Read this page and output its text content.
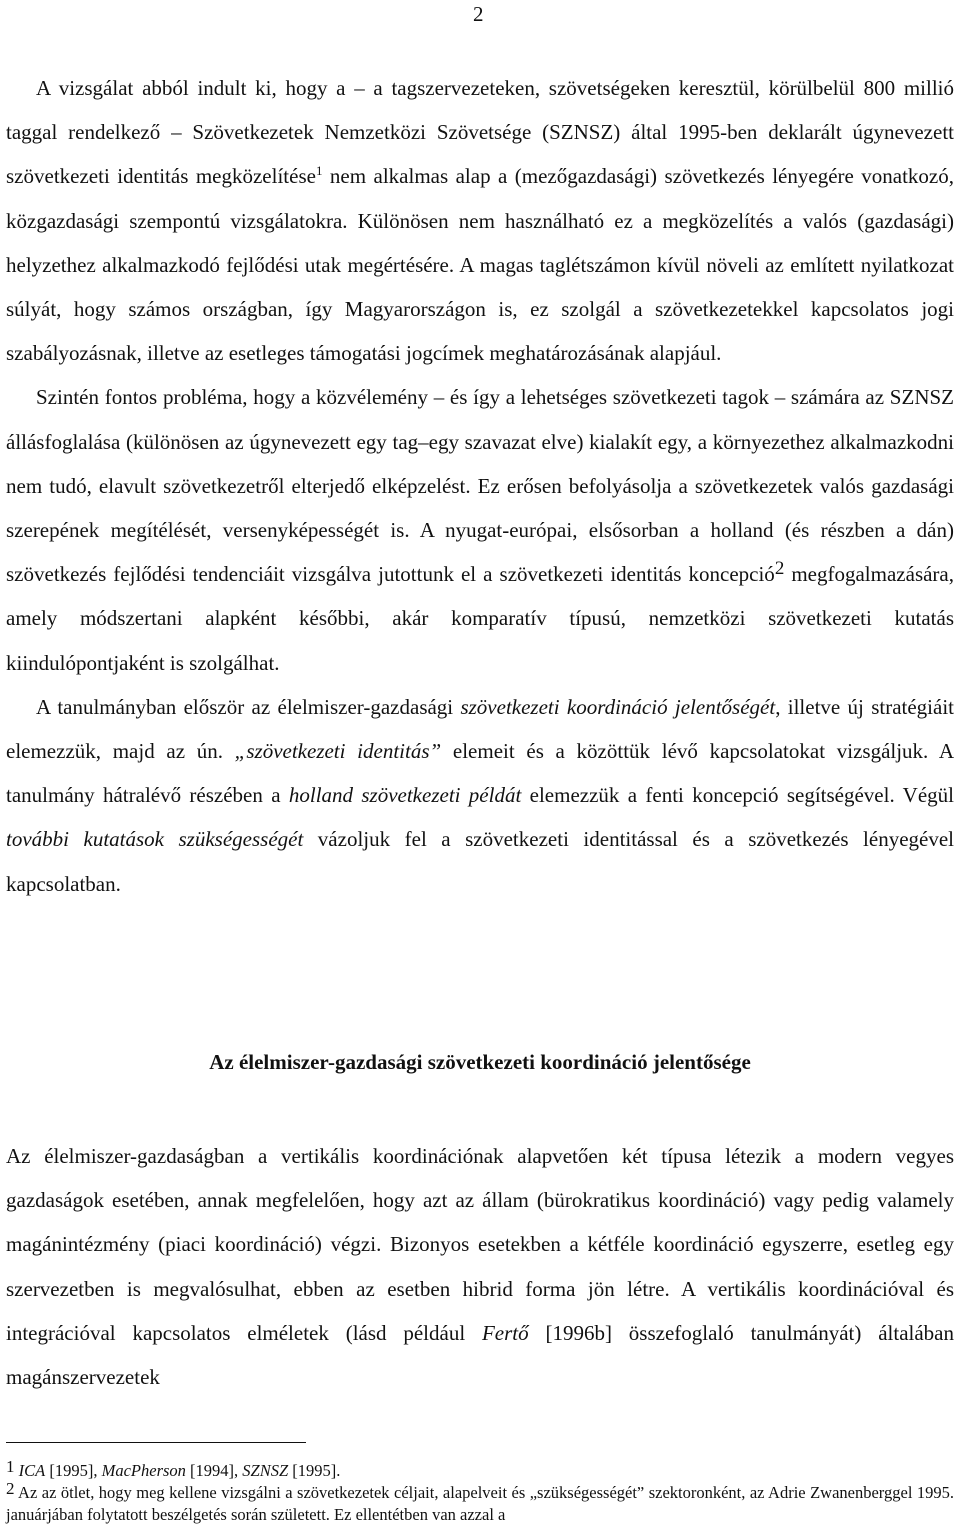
2

A vizsgálat abból indult ki, hogy a – a tagszervezeteken, szövetségeken keresztül, körülbelül 800 millió taggal rendelkező – Szövetkezetek Nemzetközi Szövetsége (SZNSZ) által 1995-ben deklarált úgynevezett szövetkezeti identitás megközelítése$^1$ nem alkalmas alap a (mezőgazdasági) szövetkezés lényegére vonatkozó, közgazdasági szempontú vizsgálatokra. Különösen nem használható ez a megközelítés a valós (gazdasági) helyzethez alkalmazkodó fejlődési utak megértésére. A magas taglétszámon kívül növeli az említett nyilatkozat súlyát, hogy számos országban, így Magyarországon is, ez szolgál a szövetkezetekkel kapcsolatos jogi szabályozásnak, illetve az esetleges támogatási jogcímek meghatározásának alapjául.

Szintén fontos probléma, hogy a közvélemény – és így a lehetséges szövetkezeti tagok – számára az SZNSZ állásfoglalása (különösen az úgynevezett egy tag–egy szavazat elve) kialakít egy, a környezethez alkalmazkodni nem tudó, elavult szövetkezetről elterjedő elképzelést. Ez erősen befolyásolja a szövetkezetek valós gazdasági szerepének megítélését, versenyképességét is. A nyugat-európai, elsősorban a holland (és részben a dán) szövetkezés fejlődési tendenciáit vizsgálva jutottunk el a szövetkezeti identitás koncepció$^2$ megfogalmazására, amely módszertani alapként későbbi, akár komparatív típusú, nemzetközi szövetkezeti kutatás kiindulópontjaként is szolgálhat.

A tanulmányban először az élelmiszer-gazdasági szövetkezeti koordináció jelentőségét, illetve új stratégiáit elemezzük, majd az ún. „szövetkezeti identitás” elemeit és a közöttük lévő kapcsolatokat vizsgáljuk. A tanulmány hátralévő részében a holland szövetkezeti példát elemezzük a fenti koncepció segítségével. Végül további kutatások szükségességét vázoljuk fel a szövetkezeti identitással és a szövetkezés lényegével kapcsolatban.

Az élelmiszer-gazdasági szövetkezeti koordináció jelentősége

Az élelmiszer-gazdaságban a vertikális koordinációnak alapvetően két típusa létezik a modern vegyes gazdaságok esetében, annak megfelelően, hogy azt az állam (bürokratikus koordináció) vagy pedig valamely magánintézmény (piaci koordináció) végzi. Bizonyos esetekben a kétféle koordináció egyszerre, esetleg egy szervezetben is megvalósulhat, ebben az esetben hibrid forma jön létre. A vertikális koordinációval és integrációval kapcsolatos elméletek (lásd például Fertő [1996b] összefoglaló tanulmányát) általában magánszervezetek

1 ICA [1995], MacPherson [1994], SZNSZ [1995].

2 Az az ötlet, hogy meg kellene vizsgálni a szövetkezetek céljait, alapelveit és „szükségességét” szektoronként, az Adrie Zwanenberggel 1995. januárjában folytatott beszélgetés során született. Ez ellentétben van azzal a
